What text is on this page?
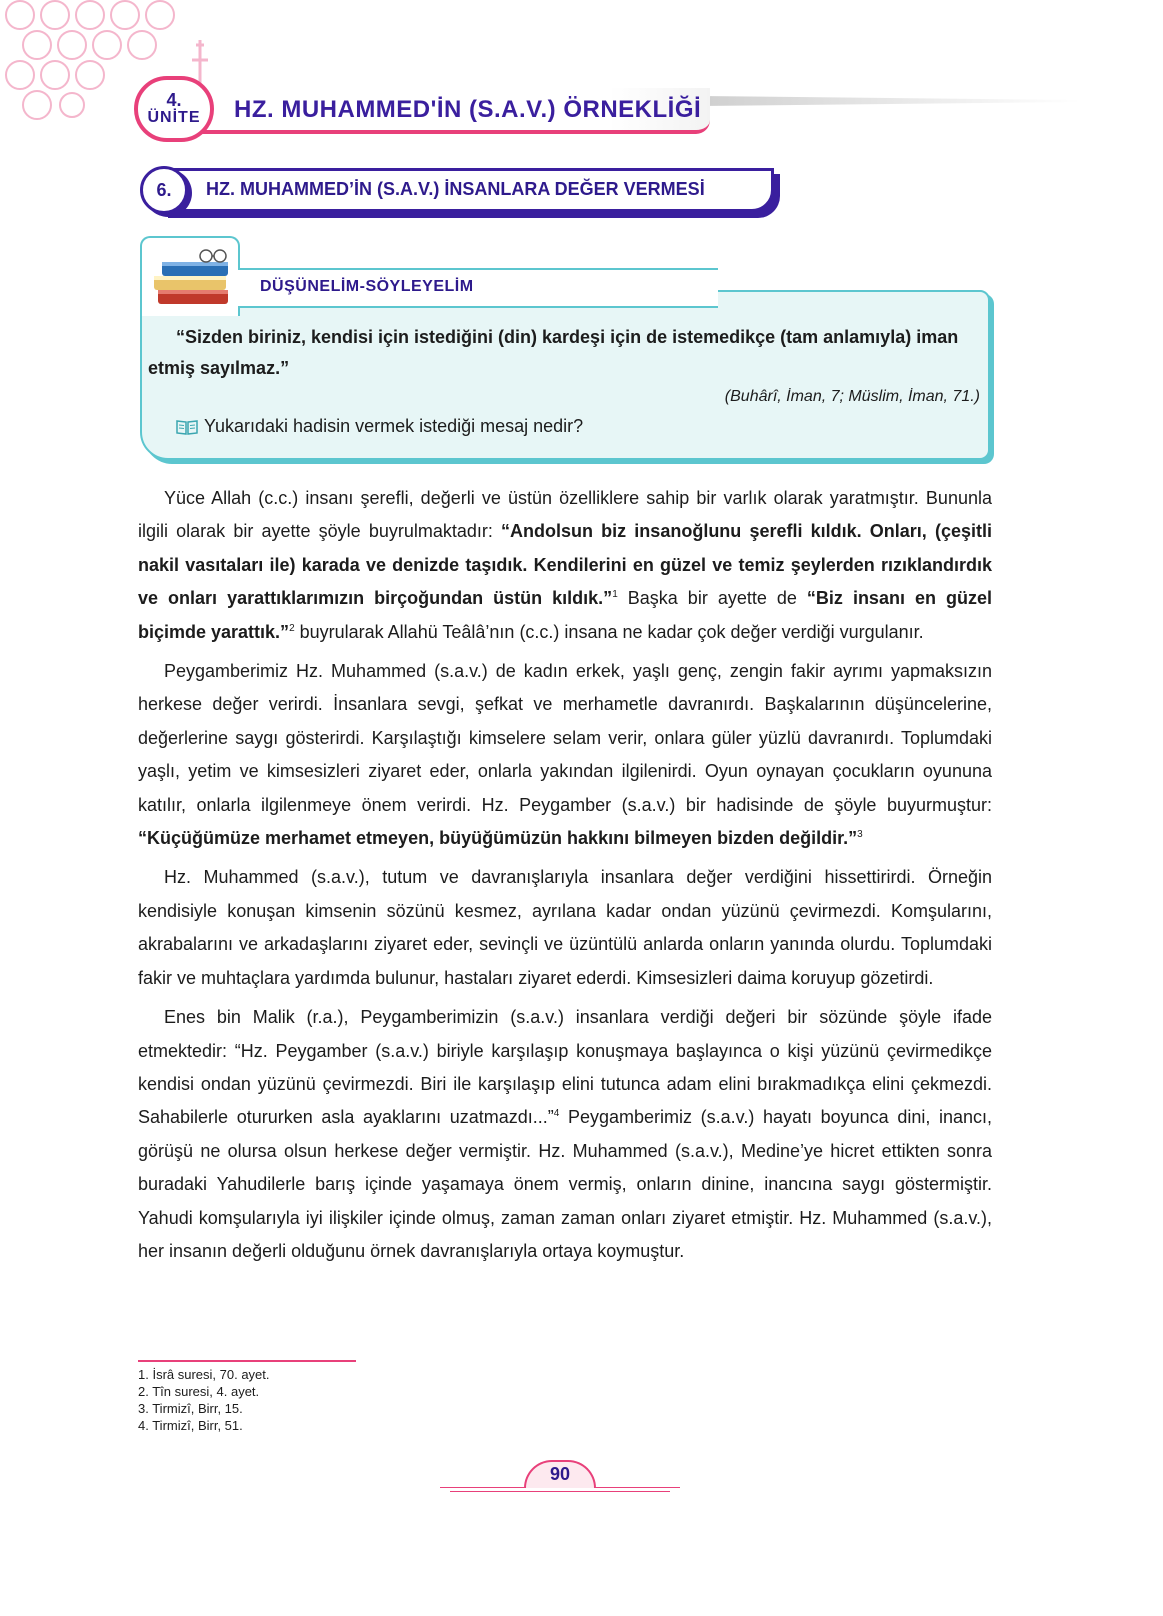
4.
ÜNİTE HZ. MUHAMMED'İN (S.A.V.) ÖRNEKLİĞİ
6.	HZ. MUHAMMED’İN (S.A.V.) İNSANLARA DEĞER VERMESİ
DÜŞÜNELİM-SÖYLEYELİM
“Sizden biriniz, kendisi için istediğini (din) kardeşi için de istemedikçe (tam anlamıyla) iman etmiş sayılmaz.”
(Buhârî, İman, 7; Müslim, İman, 71.)
Yukarıdaki hadisin vermek istediği mesaj nedir?

Yüce Allah (c.c.) insanı şerefli, değerli ve üstün özelliklere sahip bir varlık olarak yaratmıştır. Bununla ilgili olarak bir ayette şöyle buyrulmaktadır: “Andolsun biz insanoğlunu şerefli kıldık. Onları, (çeşitli nakil vasıtaları ile) karada ve denizde taşıdık. Kendilerini en güzel ve temiz şeylerden rızıklandırdık ve onları yarattıklarımızın birçoğundan üstün kıldık.”$^1$ Başka bir ayette de “Biz insanı en güzel biçimde yarattık.”$^2$ buyrularak Allahü Teâlâ’nın (c.c.) insana ne kadar çok değer verdiği vurgulanır.

Peygamberimiz Hz. Muhammed (s.a.v.) de kadın erkek, yaşlı genç, zengin fakir ayrımı yapmaksızın herkese değer verirdi. İnsanlara sevgi, şefkat ve merhametle davranırdı. Başkalarının düşüncelerine, değerlerine saygı gösterirdi. Karşılaştığı kimselere selam verir, onlara güler yüzlü davranırdı. Toplumdaki yaşlı, yetim ve kimsesizleri ziyaret eder, onlarla yakından ilgilenirdi. Oyun oynayan çocukların oyununa katılır, onlarla ilgilenmeye önem verirdi. Hz. Peygamber (s.a.v.) bir hadisinde de şöyle buyurmuştur: “Küçüğümüze merhamet etmeyen, büyüğümüzün hakkını bilmeyen bizden değildir.”$^3$

Hz. Muhammed (s.a.v.), tutum ve davranışlarıyla insanlara değer verdiğini hissettirirdi. Örneğin kendisiyle konuşan kimsenin sözünü kesmez, ayrılana kadar ondan yüzünü çevirmezdi. Komşularını, akrabalarını ve arkadaşlarını ziyaret eder, sevinçli ve üzüntülü anlarda onların yanında olurdu. Toplumdaki fakir ve muhtaçlara yardımda bulunur, hastaları ziyaret ederdi. Kimsesizleri daima koruyup gözetirdi.

Enes bin Malik (r.a.), Peygamberimizin (s.a.v.) insanlara verdiği değeri bir sözünde şöyle ifade etmektedir: “Hz. Peygamber (s.a.v.) biriyle karşılaşıp konuşmaya başlayınca o kişi yüzünü çevirmedikçe kendisi ondan yüzünü çevirmezdi. Biri ile karşılaşıp elini tutunca adam elini bırakmadıkça elini çekmezdi. Sahabilerle otururken asla ayaklarını uzatmazdı...”$^4$ Peygamberimiz (s.a.v.) hayatı boyunca dini, inancı, görüşü ne olursa olsun herkese değer vermiştir. Hz. Muhammed (s.a.v.), Medine’ye hicret ettikten sonra buradaki Yahudilerle barış içinde yaşamaya önem vermiş, onların dinine, inancına saygı göstermiştir. Yahudi komşularıyla iyi ilişkiler içinde olmuş, zaman zaman onları ziyaret etmiştir. Hz. Muhammed (s.a.v.), her insanın değerli olduğunu örnek davranışlarıyla ortaya koymuştur.

1. İsrâ suresi, 70. ayet.
2. Tîn suresi, 4. ayet.
3. Tirmizî, Birr, 15.
4. Tirmizî, Birr, 51.
90
